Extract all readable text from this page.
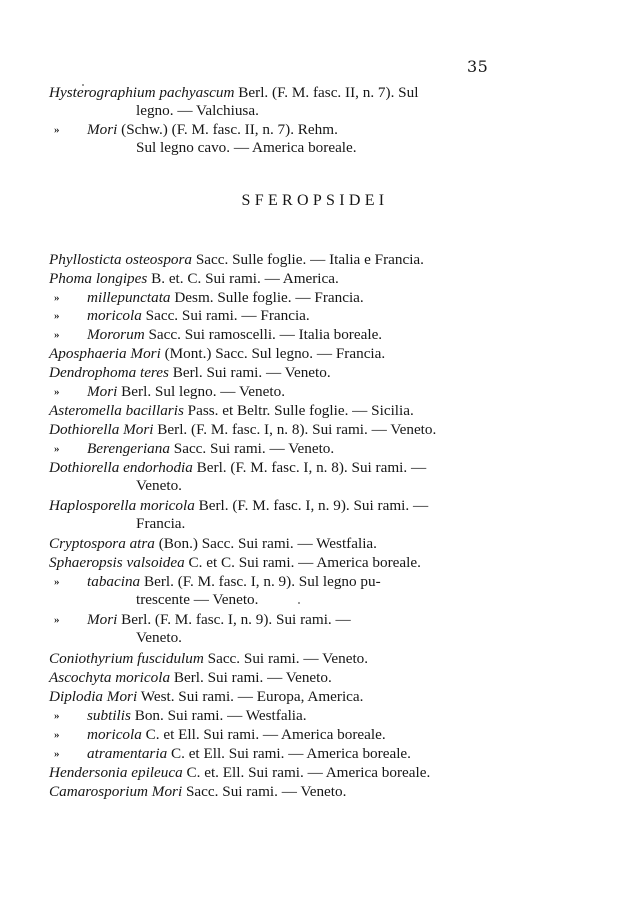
35
Hysterographium pachyascum Berl. (F. M. fasc. II, n. 7). Sul
legno. — Valchiusa.
» Mori (Schw.) (F. M. fasc. II, n. 7). Rehm.
Sul legno cavo. — America boreale.
SFEROPSIDEI
Phyllosticta osteospora Sacc. Sulle foglie. — Italia e Francia.
Phoma longipes B. et. C. Sui rami. — America.
» millepunctata Desm. Sulle foglie. — Francia.
» moricola Sacc. Sui rami. — Francia.
» Mororum Sacc. Sui ramoscelli. — Italia boreale.
Aposphaeria Mori (Mont.) Sacc. Sul legno. — Francia.
Dendrophoma teres Berl. Sui rami. — Veneto.
» Mori Berl. Sul legno. — Veneto.
Asteromella bacillaris Pass. et Beltr. Sulle foglie. — Sicilia.
Dothiorella Mori Berl. (F. M. fasc. I, n. 8). Sui rami. — Veneto.
» Berengeriana Sacc. Sui rami. — Veneto.
Dothiorella endorhodia Berl. (F. M. fasc. I, n. 8). Sui rami. —
Veneto.
Haplosporella moricola Berl. (F. M. fasc. I, n. 9). Sui rami. —
Francia.
Cryptospora atra (Bon.) Sacc. Sui rami. — Westfalia.
Sphaeropsis valsoidea C. et C. Sui rami. — America boreale.
» tabacina Berl. (F. M. fasc. I, n. 9). Sul legno pu-
trescente — Veneto.
» Mori Berl. (F. M. fasc. I, n. 9). Sui rami. —
Veneto.
Coniothyrium fuscidulum Sacc. Sui rami. — Veneto.
Ascochyta moricola Berl. Sui rami. — Veneto.
Diplodia Mori West. Sui rami. — Europa, America.
» subtilis Bon. Sui rami. — Westfalia.
» moricola C. et Ell. Sui rami. — America boreale.
» atramentaria C. et Ell. Sui rami. — America boreale.
Hendersonia epileuca C. et. Ell. Sui rami. — America boreale.
Camarosporium Mori Sacc. Sui rami. — Veneto.
